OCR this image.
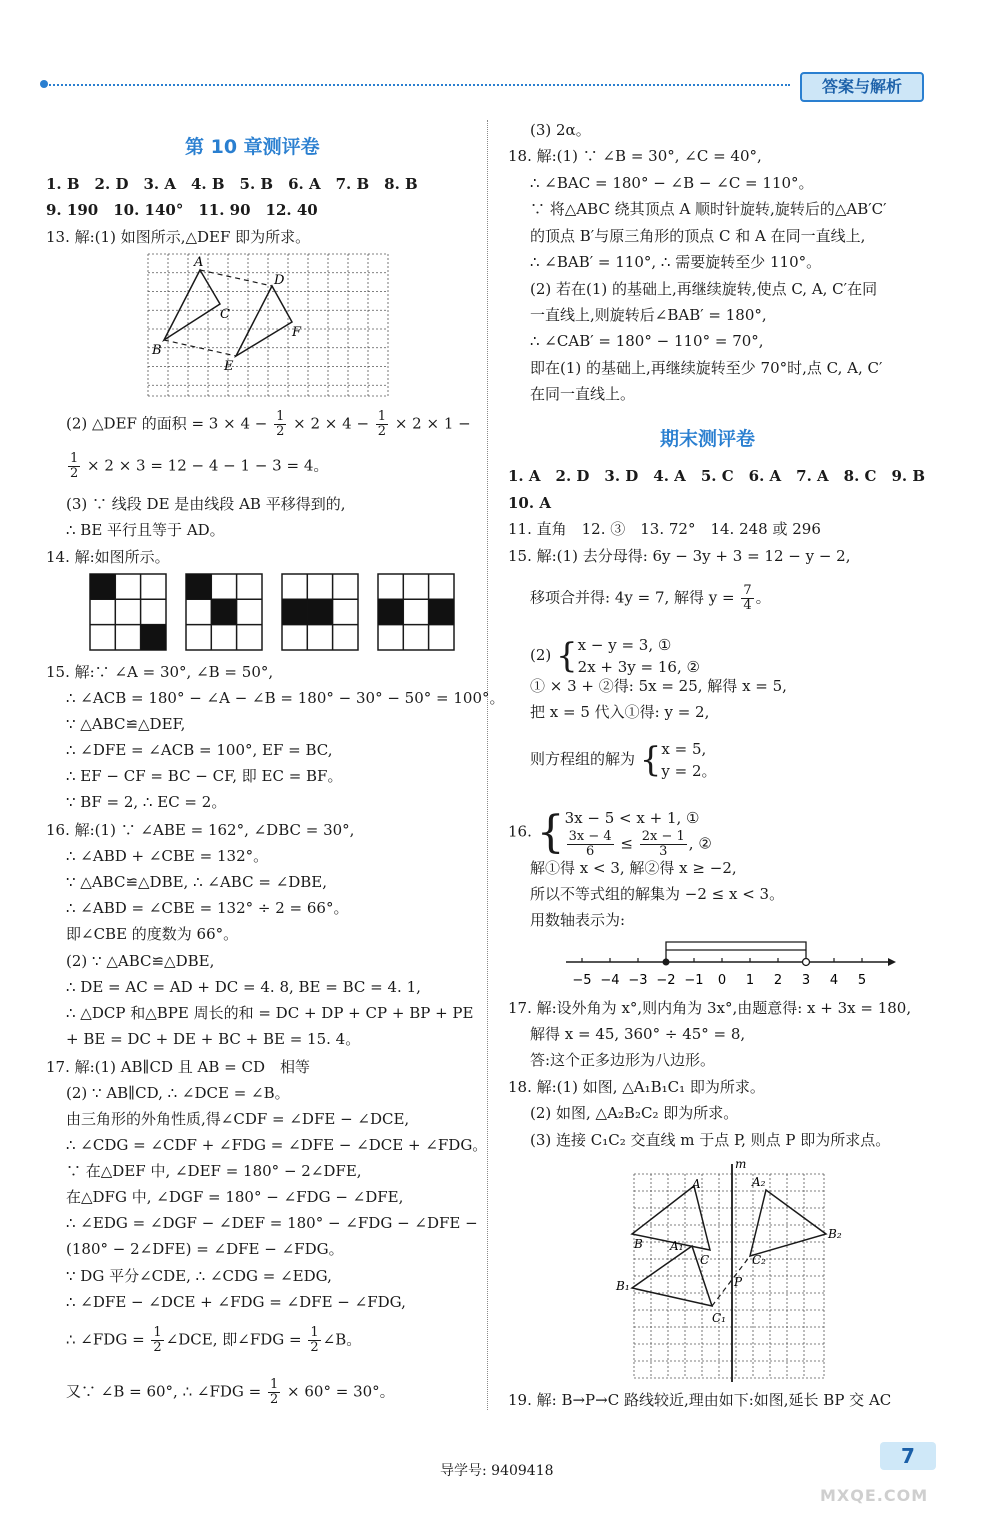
答案与解析
第 10 章测评卷
1. B　2. D　3. A　4. B　5. B　6. A　7. B　8. B
9. 190　10. 140°　11. 90　12. 40
13. 解:(1) 如图所示,△DEF 即为所求。
A
D
C
F
B
E
(2) △DEF 的面积 = $3 \times 4 - \frac{1}{2} \times 2 \times 4 - \frac{1}{2} \times 2 \times 1$ −
$\frac{1}{2} \times 2 \times 3 = 12 - 4 - 1 - 3 = 4$。
(3) ∵ 线段 DE 是由线段 AB 平移得到的,
∴ BE 平行且等于 AD。
14. 解:如图所示。
15. 解:∵ ∠A = 30°, ∠B = 50°,
∴ ∠ACB = 180° − ∠A − ∠B = 180° − 30° − 50° = 100°。
∵ △ABC≌△DEF,
∴ ∠DFE = ∠ACB = 100°, EF = BC,
∴ EF − CF = BC − CF, 即 EC = BF。
∵ BF = 2, ∴ EC = 2。
16. 解:(1) ∵ ∠ABE = 162°, ∠DBC = 30°,
∴ ∠ABD + ∠CBE = 132°。
∵ △ABC≌△DBE, ∴ ∠ABC = ∠DBE,
∴ ∠ABD = ∠CBE = 132° ÷ 2 = 66°。
即∠CBE 的度数为 66°。
(2) ∵ △ABC≌△DBE,
∴ DE = AC = AD + DC = 4. 8, BE = BC = 4. 1,
∴ △DCP 和△BPE 周长的和 = DC + DP + CP + BP + PE
+ BE = DC + DE + BC + BE = 15. 4。
17. 解:(1) AB∥CD 且 AB = CD　相等
(2) ∵ AB∥CD, ∴ ∠DCE = ∠B。
由三角形的外角性质,得∠CDF = ∠DFE − ∠DCE,
∴ ∠CDG = ∠CDF + ∠FDG = ∠DFE − ∠DCE + ∠FDG。
∵ 在△DEF 中, ∠DEF = 180° − 2∠DFE,
在△DFG 中, ∠DGF = 180° − ∠FDG − ∠DFE,
∴ ∠EDG = ∠DGF − ∠DEF = 180° − ∠FDG − ∠DFE −
(180° − 2∠DFE) = ∠DFE − ∠FDG。
∵ DG 平分∠CDE, ∴ ∠CDG = ∠EDG,
∴ ∠DFE − ∠DCE + ∠FDG = ∠DFE − ∠FDG,
∴ ∠FDG = $\frac{1}{2}$ ∠DCE, 即∠FDG = $\frac{1}{2}$ ∠B。
又∵ ∠B = 60°, ∴ ∠FDG = $\frac{1}{2} \times 60^\circ = 30^\circ$。
(3) 2α。
18. 解:(1) ∵ ∠B = 30°, ∠C = 40°,
∴ ∠BAC = 180° − ∠B − ∠C = 110°。
∵ 将△ABC 绕其顶点 A 顺时针旋转,旋转后的△AB′C′
的顶点 B′与原三角形的顶点 C 和 A 在同一直线上,
∴ ∠BAB′ = 110°, ∴ 需要旋转至少 110°。
(2) 若在(1) 的基础上,再继续旋转,使点 C, A, C′在同
一直线上,则旋转后∠BAB′ = 180°,
∴ ∠CAB′ = 180° − 110° = 70°,
即在(1) 的基础上,再继续旋转至少 70°时,点 C, A, C′
在同一直线上。
期末测评卷
1. A　2. D　3. D　4. A　5. C　6. A　7. A　8. C　9. B
10. A
11. 直角　12. ③　13. 72°　14. 248 或 296
15. 解:(1) 去分母得: 6y − 3y + 3 = 12 − y − 2,
移项合并得: 4y = 7, 解得 $y = \frac{7}{4}$ 。
(2) {x − y = 3, ①
2x + 3y = 16, ②
① × 3 + ②得: 5x = 25, 解得 x = 5,
把 x = 5 代入①得: y = 2,
则方程组的解为 {x = 5,
y = 2。
16. {3x − 5 < x + 1, ①

$\frac{3x - 4}{6} \le \frac{2x - 1}{3}$ , ②
解①得 x < 3, 解②得 x ≥ −2,
所以不等式组的解集为 −2 ≤ x < 3。
用数轴表示为:
−5 −4 −3 −2 −1 0 1 2 3 4 5
17. 解:设外角为 x°,则内角为 3x°,由题意得: x + 3x = 180,
解得 x = 45, 360° ÷ 45° = 8,
答:这个正多边形为八边形。
18. 解:(1) 如图, △A₁B₁C₁ 即为所求。
(2) 如图, △A₂B₂C₂ 即为所求。
(3) 连接 C₁C₂ 交直线 m 于点 P, 则点 P 即为所求点。
m
A	A₂
B
B₂
A₁
C	C₂
B₁	P
C₁
19. 解: B→P→C 路线较近,理由如下:如图,延长 BP 交 AC
导学号: 9409418
7
MXQE.COM
